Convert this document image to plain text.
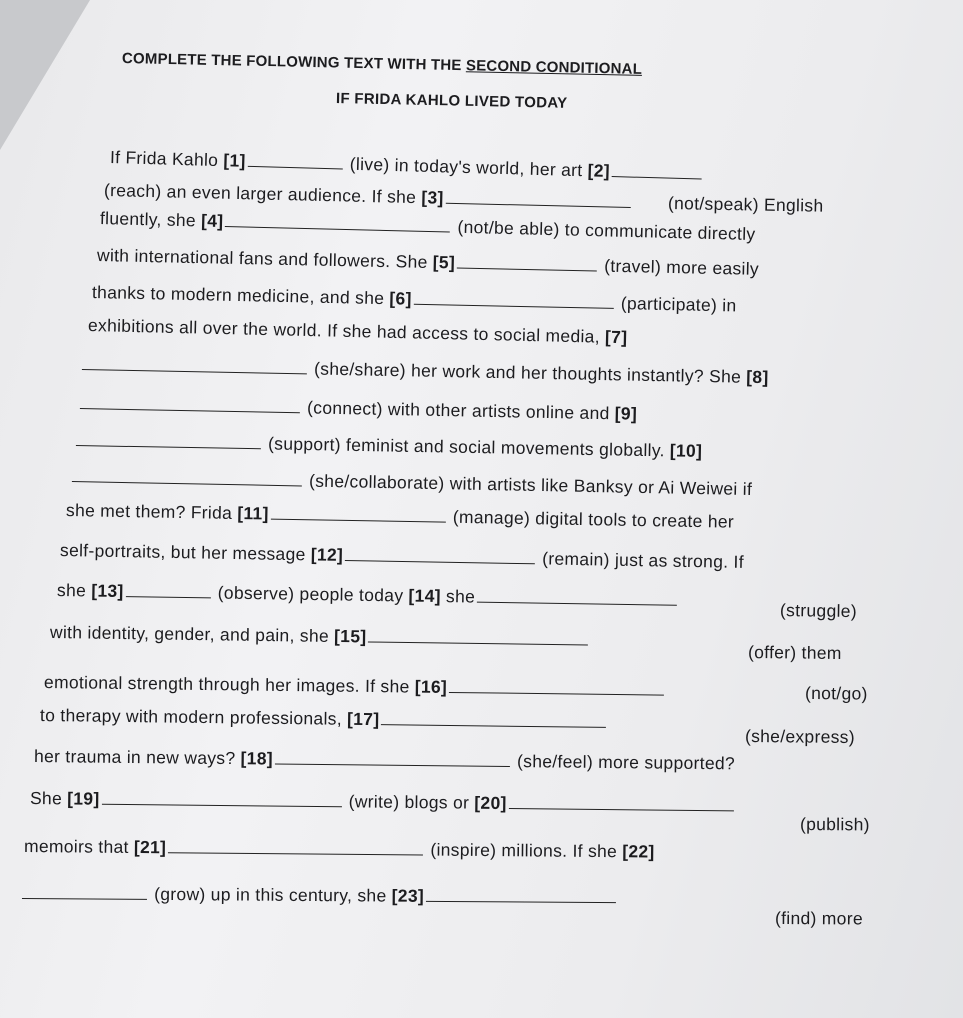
COMPLETE THE FOLLOWING TEXT WITH THE SECOND CONDITIONAL
IF FRIDA KAHLO LIVED TODAY
If Frida Kahlo [1]	(live) in today's world, her art [2]
(reach) an even larger audience. If she [3]	(not/speak) English
fluently, she [4]	(not/be able) to communicate directly
with international fans and followers. She [5]	(travel) more easily
thanks to modern medicine, and she [6]	(participate) in
exhibitions all over the world. If she had access to social media, [7]
(she/share) her work and her thoughts instantly? She [8]
(connect) with other artists online and [9]
(support) feminist and social movements globally. [10]
(she/collaborate) with artists like Banksy or Ai Weiwei if
she met them? Frida [11]	(manage) digital tools to create her
self-portraits, but her message [12]	(remain) just as strong. If
she [13]	(observe) people today [14] she
(struggle)
with identity, gender, and pain, she [15]
(offer) them
emotional strength through her images. If she [16]	(not/go)
to therapy with modern professionals, [17]
(she/express)
her trauma in new ways? [18]	(she/feel) more supported?
She [19]	(write) blogs or [20]
(publish)
memoirs that [21]	(inspire) millions. If she [22]
(grow) up in this century, she [23]
(find) more
